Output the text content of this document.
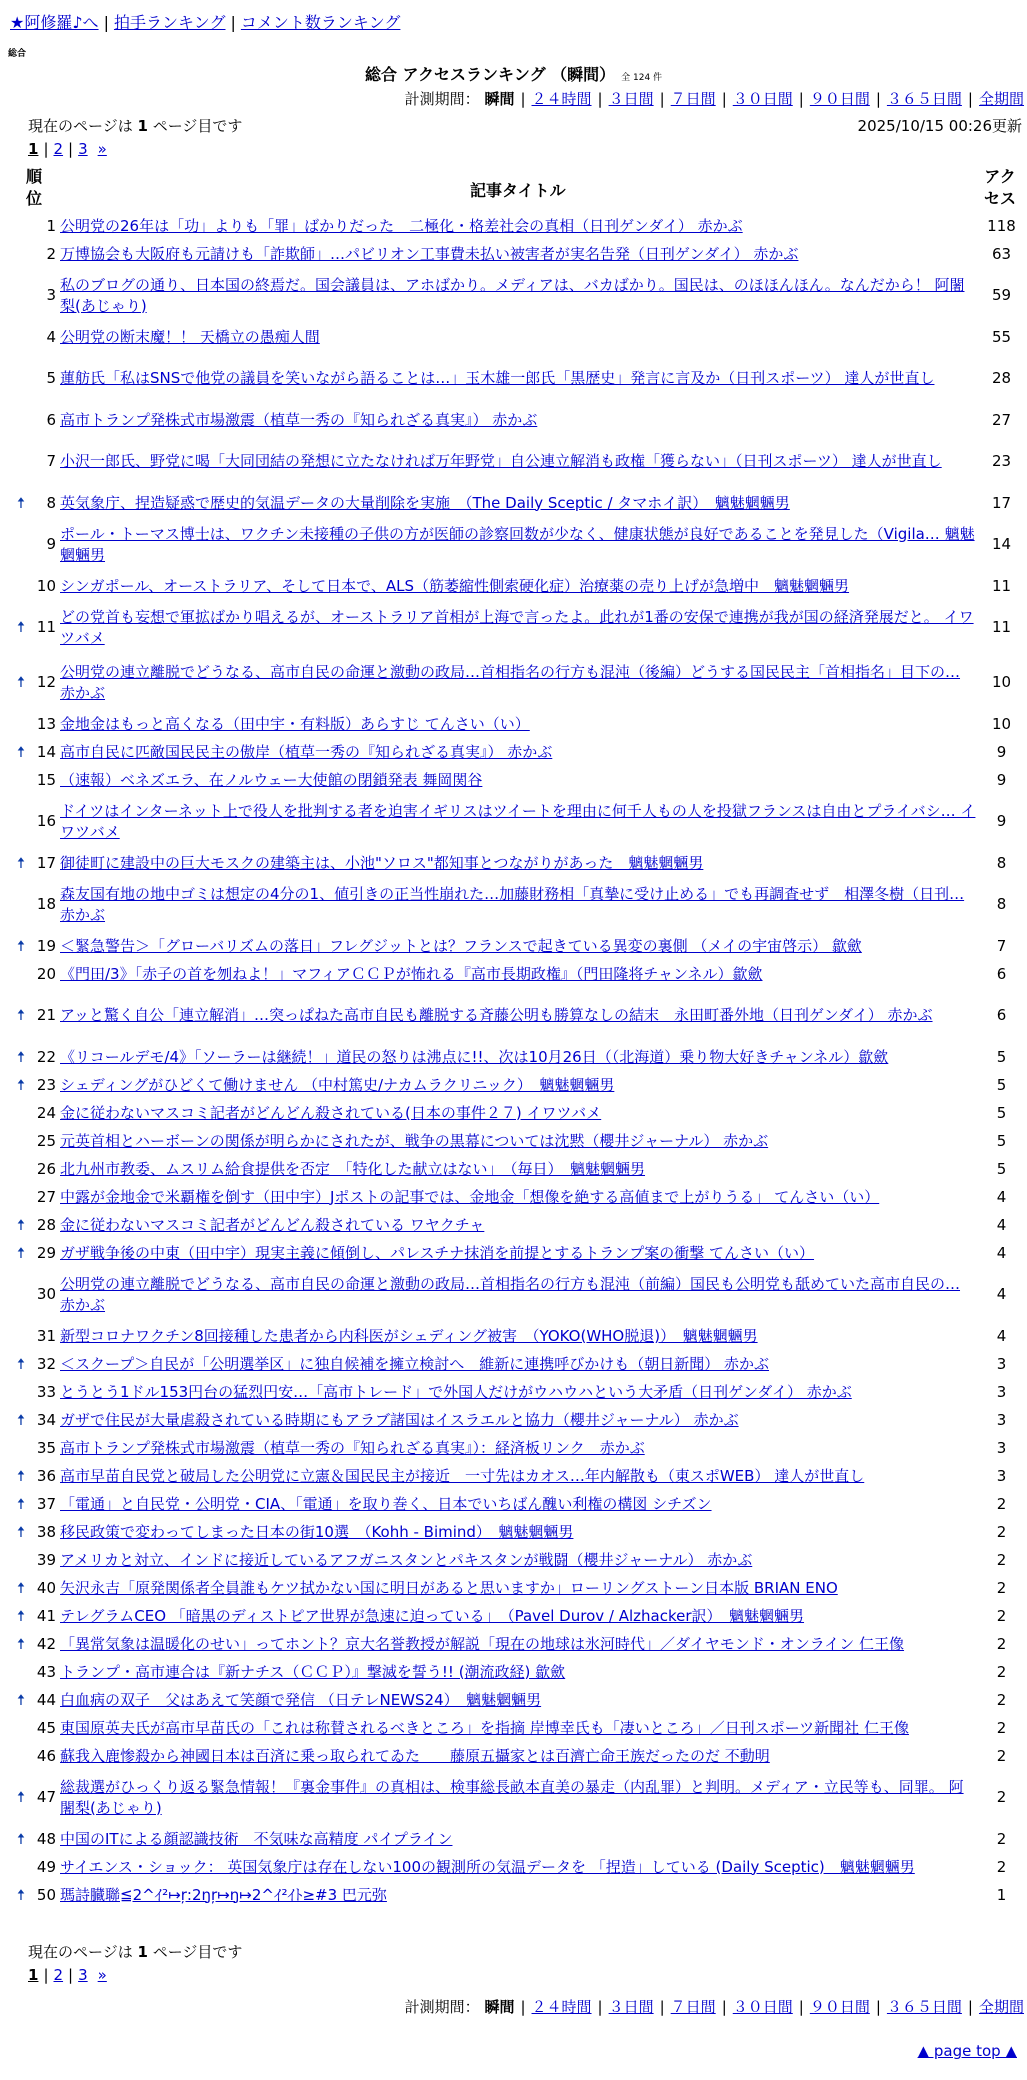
★阿修羅♪へ | 拍手ランキング | コメント数ランキング
総合
総合 アクセスランキング （瞬間） 全 124 件
計測期間： 瞬間 | ２４時間 | ３日間 | ７日間 | ３０日間 | ９０日間 | ３６５日間 | 全期間
現在のページは 1 ページ目です	2025/10/15 00:26更新
1 | 2 | 3 »
順位	記事タイトル
アクセス
	1	公明党の26年は「功」よりも「罪」ばかりだった　二極化・格差社会の真相（日刊ゲンダイ） 赤かぶ	118
	2	万博協会も大阪府も元請けも「詐欺師」…パビリオン工事費未払い被害者が実名告発（日刊ゲンダイ） 赤かぶ	63
	3	私のブログの通り、日本国の終焉だ。国会議員は、アホばかり。メディアは、バカばかり。国民は、のほほんほん。なんだから！ 阿闍梨(あじゃり)	59
	4	公明党の断末魔！！ 天橋立の愚痴人間	55
	5	蓮舫氏「私はSNSで他党の議員を笑いながら語ることは…」玉木雄一郎氏「黒歴史」発言に言及か（日刊スポーツ） 達人が世直し	28
	6	高市トランプ発株式市場激震（植草一秀の『知られざる真実』） 赤かぶ	27
	7	小沢一郎氏、野党に喝「大同団結の発想に立たなければ万年野党」自公連立解消も政権「獲らない」（日刊スポーツ） 達人が世直し	23
🠅	8	英気象庁、捏造疑惑で歴史的気温データの大量削除を実施　（The Daily Sceptic / タマホイ訳）　魑魅魍魎男	17
	9	ポール・トーマス博士は、ワクチン未接種の子供の方が医師の診察回数が少なく、健康状態が良好であることを発見した（Vigila… 魑魅魍魎男	14
	10	シンガポール、オーストラリア、そして日本で、ALS（筋萎縮性側索硬化症）治療薬の売り上げが急増中　魑魅魍魎男	11
🠅	11	どの党首も妄想で軍拡ばかり唱えるが、オーストラリア首相が上海で言ったよ。此れが1番の安保で連携が我が国の経済発展だと。 イワツバメ	11
🠅	12	公明党の連立離脱でどうなる、高市自民の命運と激動の政局…首相指名の行方も混沌（後編）どうする国民民主「首相指名」目下の… 赤かぶ	10
	13	金地金はもっと高くなる（田中宇・有料版）あらすじ てんさい（い）	10
🠅	14	高市自民に匹敵国民民主の傲岸（植草一秀の『知られざる真実』） 赤かぶ	9
	15	（速報）ベネズエラ、在ノルウェー大使館の閉鎖発表 舞岡関谷	9
	16	ドイツはインターネット上で役人を批判する者を迫害イギリスはツイートを理由に何千人もの人を投獄フランスは自由とプライバシ… イワツバメ	9
🠅	17	御徒町に建設中の巨大モスクの建築主は、小池"ソロス"都知事とつながりがあった　魑魅魍魎男	8
	18	森友国有地の地中ゴミは想定の4分の1、値引きの正当性崩れた…加藤財務相「真摯に受け止める」でも再調査せず　相澤冬樹（日刊… 赤かぶ	8
🠅	19	＜緊急警告＞「グローバリズムの落日」フレグジットとは？フランスで起きている異変の裏側 （メイの宇宙啓示） 歙歛	7
	20	《門田/3》「赤子の首を刎ねよ！」マフィアＣＣＰが怖れる『高市長期政権』（門田隆将チャンネル）歙歛	6
🠅	21	アッと驚く自公「連立解消」…突っぱねた高市自民も離脱する斉藤公明も勝算なしの結末　永田町番外地（日刊ゲンダイ） 赤かぶ	6
🠅	22	《リコールデモ/4》「ソーラーは継続！」道民の怒りは沸点に!!、次は10月26日（（北海道）乗り物大好きチャンネル）歙歛	5
🠅	23	シェディングがひどくて働けません （中村篤史/ナカムラクリニック）　魑魅魍魎男	5
	24	金に従わないマスコミ記者がどんどん殺されている(日本の事件２７) イワツバメ	5
	25	元英首相とハーボーンの関係が明らかにされたが、戦争の黒幕については沈黙（櫻井ジャーナル） 赤かぶ	5
	26	北九州市教委、ムスリム給食提供を否定　「特化した献立はない」　（毎日）　魑魅魍魎男	5
	27	中露が金地金で米覇権を倒す（田中宇）Jポストの記事では、金地金「想像を絶する高値まで上がりうる」 てんさい（い）	4
🠅	28	金に従わないマスコミ記者がどんどん殺されている ワヤクチャ	4
🠅	29	ガザ戦争後の中東（田中宇）現実主義に傾倒し、パレスチナ抹消を前提とするトランプ案の衝撃 てんさい（い）	4
	30	公明党の連立離脱でどうなる、高市自民の命運と激動の政局…首相指名の行方も混沌（前編）国民も公明党も舐めていた高市自民の… 赤かぶ	4
	31	新型コロナワクチン8回接種した患者から内科医がシェディング被害　（YOKO(WHO脱退)）　魑魅魍魎男	4
🠅	32	＜スクープ＞自民が「公明選挙区」に独自候補を擁立検討へ　維新に連携呼びかけも（朝日新聞） 赤かぶ	3
	33	とうとう1ドル153円台の猛烈円安…「高市トレード」で外国人だけがウハウハという大矛盾（日刊ゲンダイ） 赤かぶ	3
🠅	34	ガザで住民が大量虐殺されている時期にもアラブ諸国はイスラエルと協力（櫻井ジャーナル） 赤かぶ	3
	35	高市トランプ発株式市場激震（植草一秀の『知られざる真実』）：経済板リンク　赤かぶ	3
🠅	36	高市早苗自民党と破局した公明党に立憲＆国民民主が接近　一寸先はカオス…年内解散も（東スポWEB） 達人が世直し	3
🠅	37	「電通」と自民党・公明党・CIA、「電通」を取り巻く、日本でいちばん醜い利権の構図 シチズン	2
🠅	38	移民政策で変わってしまった日本の街10選　（Kohh - Bimind）　魑魅魍魎男	2
	39	アメリカと対立、インドに接近しているアフガニスタンとパキスタンが戦闘（櫻井ジャーナル） 赤かぶ	2
🠅	40	矢沢永吉「原発関係者全員誰もケツ拭かない国に明日があると思いますか」ローリングストーン日本版 BRIAN ENO	2
🠅	41	テレグラムCEO 「暗黒のディストピア世界が急速に迫っている」　（Pavel Durov / Alzhacker訳）　魑魅魍魎男	2
🠅	42	「異常気象は温暖化のせい」ってホント？京大名誉教授が解説「現在の地球は氷河時代」／ダイヤモンド・オンライン 仁王像	2
	43	トランプ・高市連合は『新ナチス（ＣＣＰ）』撃滅を誓う!! (潮流政経) 歙歛	2
🠅	44	白血病の双子　父はあえて笑顔で発信 （日テレNEWS24）　魑魅魍魎男	2
	45	東国原英夫氏が高市早苗氏の「これは称賛されるべきところ」を指摘 岸博幸氏も「凄いところ」／日刊スポーツ新聞社 仁王像	2
	46	蘇我入鹿惨殺から神國日本は百済に乗っ取られてゐた　　藤原五攝家とは百濟亡命王族だったのだ 不動明	2
🠅	47	総裁選がひっくり返る緊急情報！『裏金事件』の真相は、検事総長畝本直美の暴走（内乱罪）と判明。メディア・立民等も、同罪。 阿闍梨(あじゃり)	2
🠅	48	中国のITによる顔認識技術　不気味な高精度 パイプライン	2
	49	サイエンス・ショック： 英国気象庁は存在しない100の観測所の気温データを 「捏造」している (Daily Sceptic)　魑魅魍魎男	2
🠅	50	瑪詩臓聯≦2^ｲ²↦ŗ:2ŋŗ↦ŋ↦2^ｲ²ｲﾄ≥#3 巴元弥	1
現在のページは 1 ページ目です
1 | 2 | 3 »
計測期間： 瞬間 | ２４時間 | ３日間 | ７日間 | ３０日間 | ９０日間 | ３６５日間 | 全期間
▲ page top ▲
